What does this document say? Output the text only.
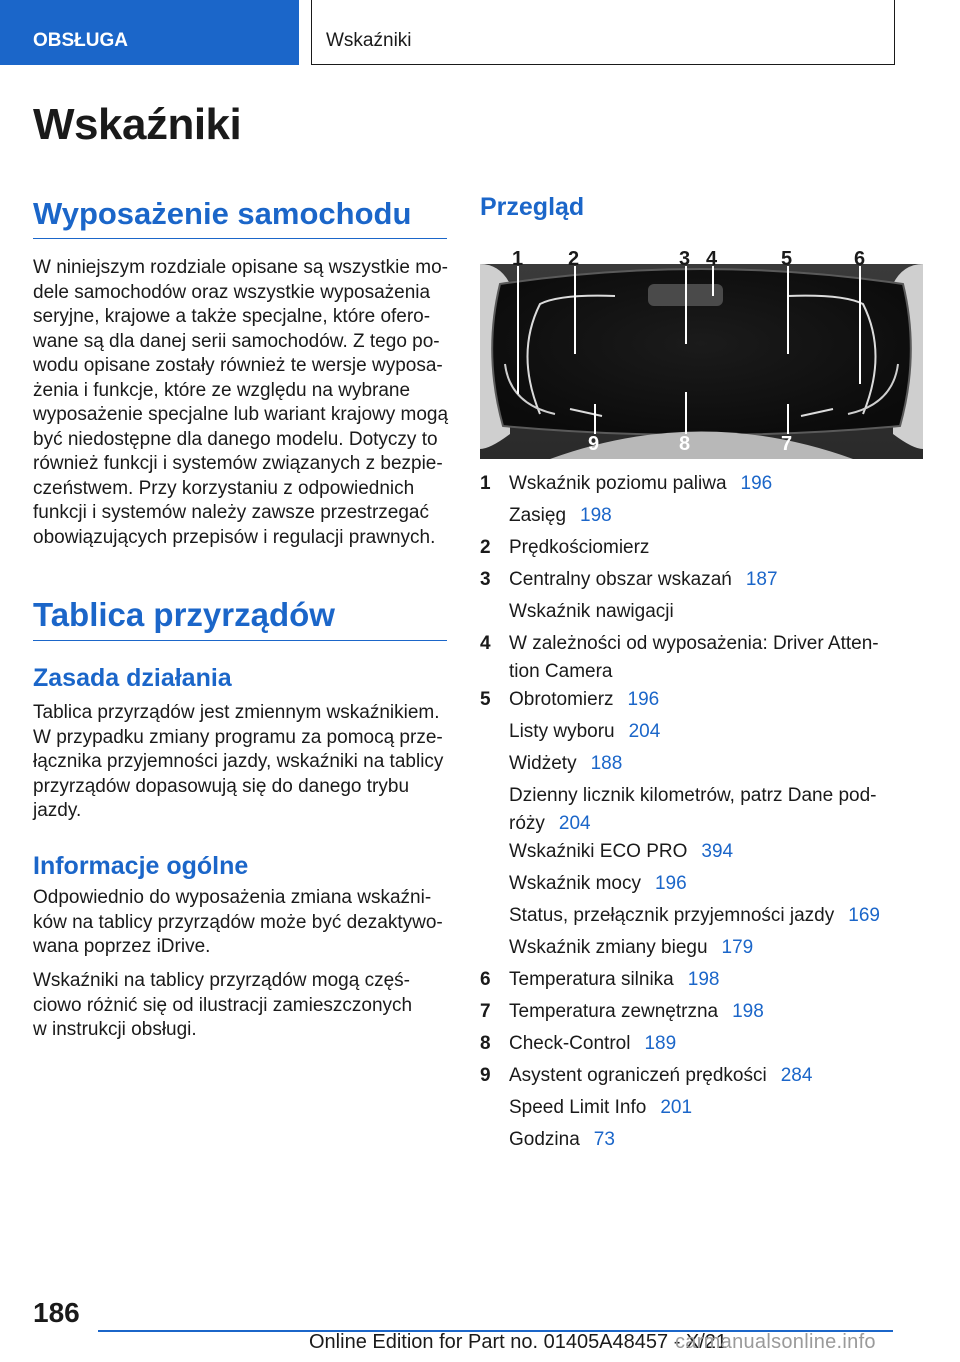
OBSŁUGA	Wskaźniki
Wskaźniki
Wyposażenie samochodu
W niniejszym rozdziale opisane są wszystkie mo-
dele samochodów oraz wszystkie wyposażenia
seryjne, krajowe a także specjalne, które ofero-
wane są dla danej serii samochodów. Z tego po-
wodu opisane zostały również te wersje wyposa-
żenia i funkcje, które ze względu na wybrane
wyposażenie specjalne lub wariant krajowy mogą
być niedostępne dla danego modelu. Dotyczy to
również funkcji i systemów związanych z bezpie-
czeństwem. Przy korzystaniu z odpowiednich
funkcji i systemów należy zawsze przestrzegać
obowiązujących przepisów i regulacji prawnych.
Tablica przyrządów
Zasada działania
Tablica przyrządów jest zmiennym wskaźnikiem.
W przypadku zmiany programu za pomocą prze-
łącznika przyjemności jazdy, wskaźniki na tablicy
przyrządów dopasowują się do danego trybu
jazdy.
Informacje ogólne
Odpowiednio do wyposażenia zmiana wskaźni-
ków na tablicy przyrządów może być dezaktywo-
wana poprzez iDrive.
Wskaźniki na tablicy przyrządów mogą częś-
ciowo różnić się od ilustracji zamieszczonych
w instrukcji obsługi.
Przegląd
1 2	3 4	5	6
7
8
9
1 Wskaźnik poziomu paliwa 196
Zasięg 198
2 Prędkościomierz
3 Centralny obszar wskazań 187
Wskaźnik nawigacji
4 W zależności od wyposażenia: Driver Atten-
tion Camera
5 Obrotomierz 196
Listy wyboru 204
Widżety 188
Dzienny licznik kilometrów, patrz Dane pod-
róży 204
Wskaźniki ECO PRO 394
Wskaźnik mocy 196
Status, przełącznik przyjemności jazdy 169
Wskaźnik zmiany biegu 179
6 Temperatura silnika 198
7 Temperatura zewnętrzna 198
8 Check-Control 189
9 Asystent ograniczeń prędkości 284
Speed Limit Info 201
Godzina 73
186
Online Edition for Part no. 01405A48457 - X/21
carmanualsonline.info
